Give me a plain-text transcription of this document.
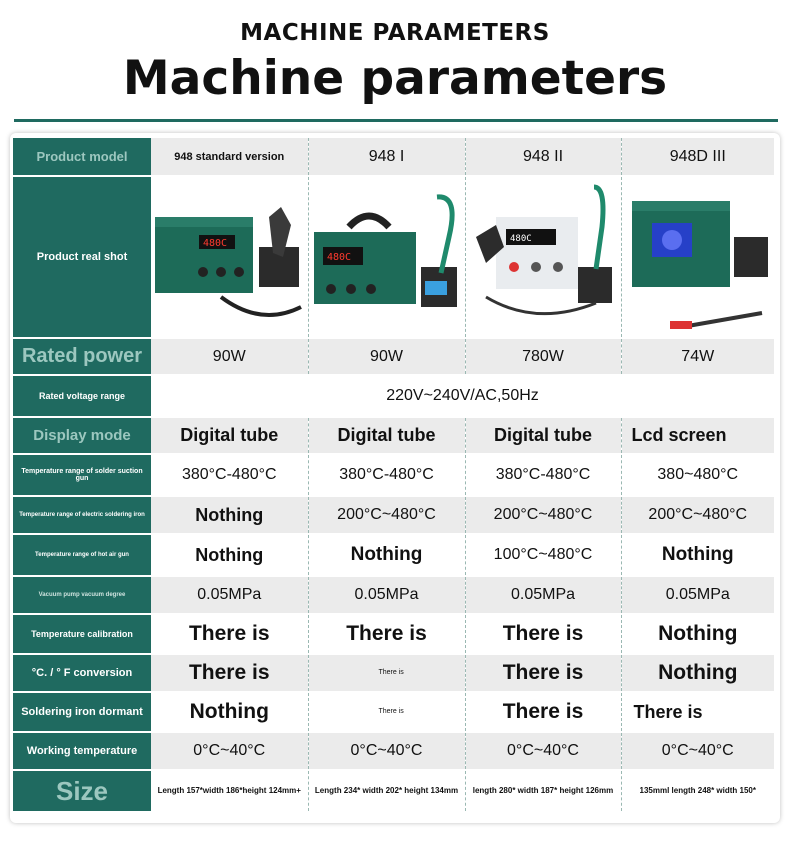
MACHINE PARAMETERS
Machine parameters
Product model	948 standard version	948 I	948 II	948D III
Product real shot	480C	480C	480C

Rated power	90W	90W	780W	74W
Rated voltage range	220V~240V/AC,50Hz			
Display mode	Digital tube	Digital tube	Digital tube	Lcd screen
Temperature range of solder suction gun	380°C-480°C	380°C-480°C	380°C-480°C	380~480°C
Temperature range of electric soldering iron	Nothing	200°C~480°C	200°C~480°C	200°C~480°C
Temperature range of hot air gun	Nothing	Nothing	100°C~480°C	Nothing
Vacuum pump vacuum degree	0.05MPa	0.05MPa	0.05MPa	0.05MPa
Temperature calibration	There is	There is	There is	Nothing
°C. / ° F conversion	There is	There is	There is	Nothing
Soldering iron dormant	Nothing	There is	There is	There is
Working temperature	0°C~40°C	0°C~40°C	0°C~40°C	0°C~40°C
Size	Length 157*width 186*height 124mm+	Length 234* width 202* height 134mm	length 280* width 187* height 126mm	135mml length 248* width 150*
